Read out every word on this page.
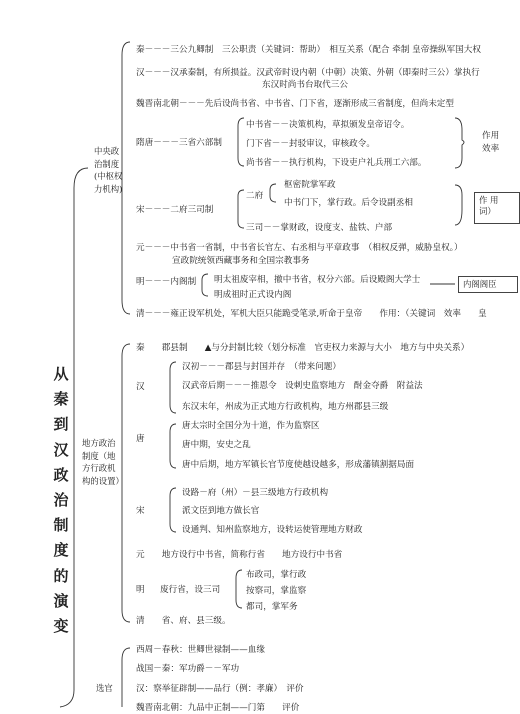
从
秦
到
汉
政
治
制
度
的
演
变
中央政治制度(中枢权力机构)
秦－－－三公九卿制　三公职责（关键词：帮助）　相互关系（配合 牵制 皇帝操纵军国大权
汉－－－汉承秦制，有所损益。汉武帝时设内朝（中朝）决策、外朝（即秦时三公）掌执行
东汉时尚书台取代三公
魏晋南北朝－－－先后设尚书省、中书省、门下省，逐渐形成三省制度，但尚未定型
隋唐－－－三省六部制
中书省－－决策机构，草拟颁发皇帝诏令。
门下省－－封驳审议，审核政令。
尚书省－－执行机构，下设吏户礼兵刑工六部。
作用
效率
宋－－－二府三司制
二府
枢密院掌军政
中书门下，掌行政。后令设副丞相
三司－－掌财政，设度支、盐铁、户部
作 用　词）
元－－－中书省一省制，中书省长官左、右丞相与平章政事　（相权反弹，威胁皇权。）
宣政院统领西藏事务和全国宗教事务
明－－－内阁制 明太祖废宰相，撤中书省，权分六部。后设殿阁大学士
明成祖时正式设内阁
内阁阁臣
清－－－雍正设军机处，军机大臣只能跪受笔录,听命于皇帝　　作用：（关键词　效率　　皇
地方政治制度（地方行政机构的设置）
秦　　郡县制　　▲与分封制比较（划分标准　官吏权力来源与大小　地方与中央关系）
汉
汉初－－－郡县与封国并存　（带来问题）
汉武帝后期－－－推恩令　设刺史监察地方　酎金夺爵　附益法
东汉末年，州成为正式地方行政机构，地方州郡县三级
唐
唐太宗时全国分为十道，作为监察区
唐中期，安史之乱
唐中后期，地方军镇长官节度使越设越多，形成藩镇割据局面
宋
设路－府（州）－县三级地方行政机构
派文臣到地方做长官
设通判、知州监察地方，设转运使管理地方财政
元　　地方设行中书省，简称行省　　地方设行中书省
明 废行省，设三司
布政司，掌行政
按察司，掌监察
都司，掌军务
清　　省、府、县三级。
选官
西周－春秋：世卿世禄制——血缘
战国－秦：军功爵－－军功
汉：察举征辟制——品行（例：孝廉）　评价
魏晋南北朝：九品中正制——门第　　评价
